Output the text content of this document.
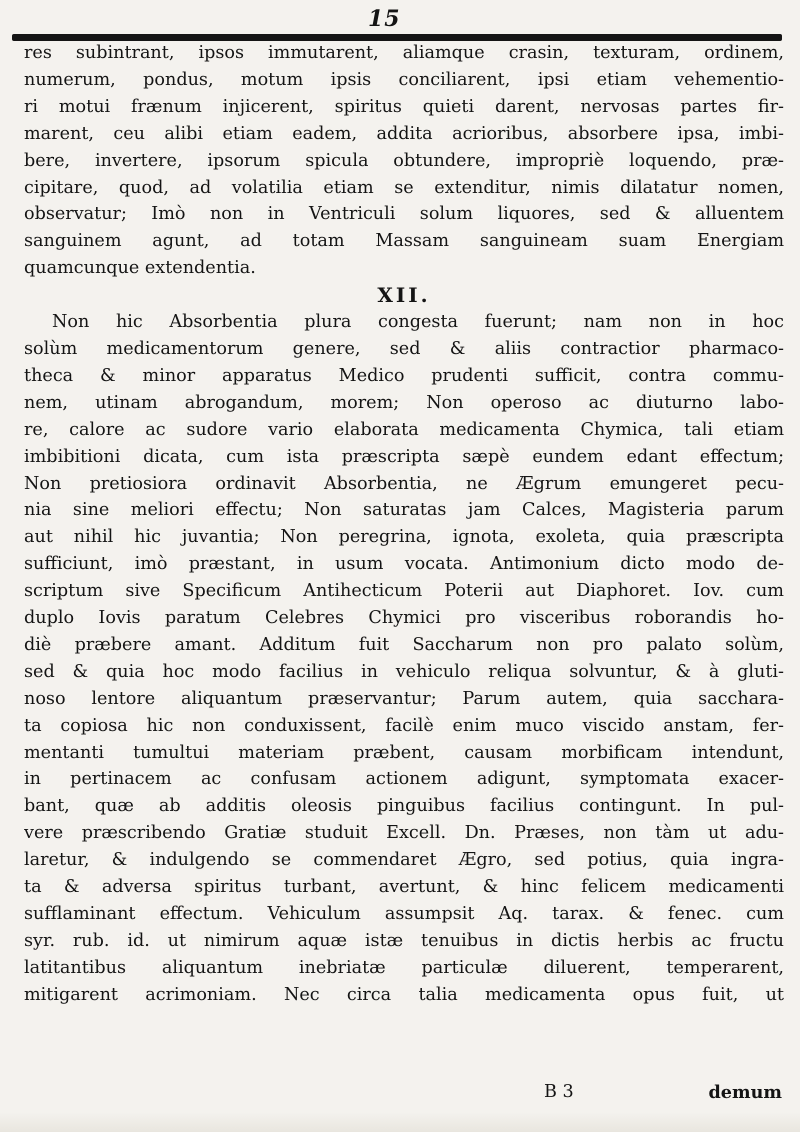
15
res subintrant, ipsos immutarent, aliamque crasin, texturam, ordinem,
numerum, pondus, motum ipsis conciliarent, ipsi etiam vehementio-
ri motui frænum injicerent, spiritus quieti darent, nervosas partes fir-
marent, ceu alibi etiam eadem, addita acrioribus, absorbere ipsa, imbi-
bere, invertere, ipsorum spicula obtundere, impropriè loquendo, præ-
cipitare, quod, ad volatilia etiam se extenditur, nimis dilatatur nomen,
observatur; Imò non in Ventriculi solum liquores, sed & alluentem
sanguinem agunt, ad totam Massam sanguineam suam Energiam
quamcunque extendentia.
XII.
Non hic Absorbentia plura congesta fuerunt; nam non in hoc
solùm medicamentorum genere, sed & aliis contractior pharmaco-
theca & minor apparatus Medico prudenti sufficit, contra commu-
nem, utinam abrogandum, morem; Non operoso ac diuturno labo-
re, calore ac sudore vario elaborata medicamenta Chymica, tali etiam
imbibitioni dicata, cum ista præscripta sæpè eundem edant effectum;
Non pretiosiora ordinavit Absorbentia, ne Ægrum emungeret pecu-
nia sine meliori effectu; Non saturatas jam Calces, Magisteria parum
aut nihil hic juvantia; Non peregrina, ignota, exoleta, quia præscripta
sufficiunt, imò præstant, in usum vocata. Antimonium dicto modo de-
scriptum sive Specificum Antihecticum Poterii aut Diaphoret. Iov. cum
duplo Iovis paratum Celebres Chymici pro visceribus roborandis ho-
diè præbere amant. Additum fuit Saccharum non pro palato solùm,
sed & quia hoc modo facilius in vehiculo reliqua solvuntur, & à gluti-
noso lentore aliquantum præservantur; Parum autem, quia sacchara-
ta copiosa hic non conduxissent, facilè enim muco viscido anstam, fer-
mentanti tumultui materiam præbent, causam morbificam intendunt,
in pertinacem ac confusam actionem adigunt, symptomata exacer-
bant, quæ ab additis oleosis pinguibus facilius contingunt. In pul-
vere præscribendo Gratiæ studuit Excell. Dn. Præses, non tàm ut adu-
laretur, & indulgendo se commendaret Ægro, sed potius, quia ingra-
ta & adversa spiritus turbant, avertunt, & hinc felicem medicamenti
sufflaminant effectum. Vehiculum assumpsit Aq. tarax. & fenec. cum
syr. rub. id. ut nimirum aquæ istæ tenuibus in dictis herbis ac fructu
latitantibus aliquantum inebriatæ particulæ diluerent, temperarent,
mitigarent acrimoniam. Nec circa talia medicamenta opus fuit, ut
B 3	demum
